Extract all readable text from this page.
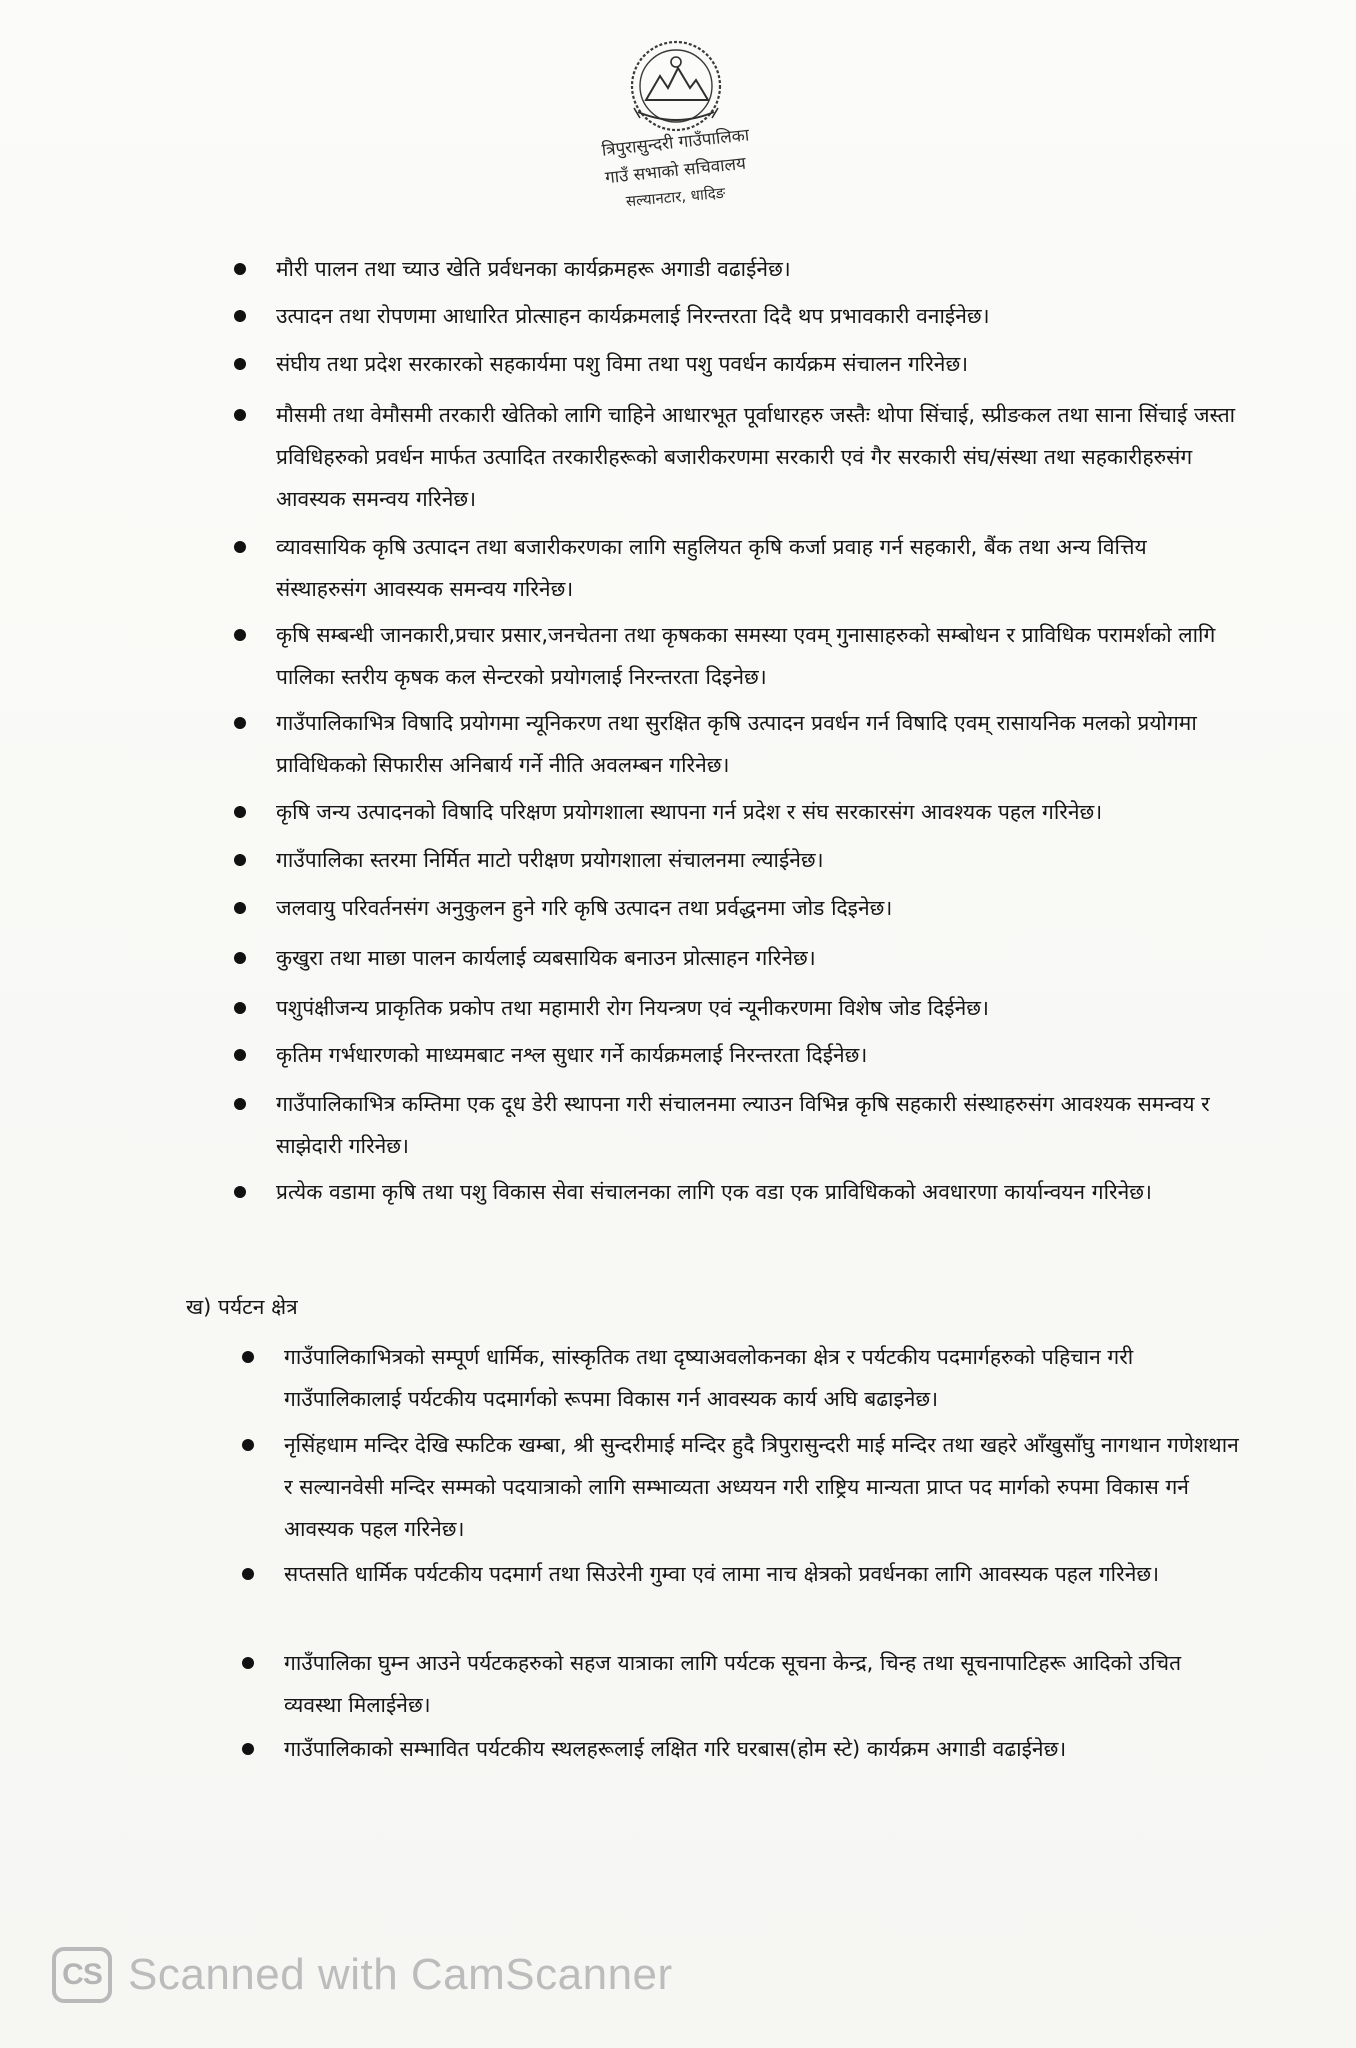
त्रिपुरासुन्दरी गाउँपालिका
गाउँ सभाको सचिवालय
सल्यानटार, धादिङ
मौरी पालन तथा च्याउ खेति प्रर्वधनका कार्यक्रमहरू अगाडी वढाईनेछ।
उत्पादन तथा रोपणमा आधारित प्रोत्साहन कार्यक्रमलाई निरन्तरता दिदै थप प्रभावकारी वनाईनेछ।
संघीय तथा प्रदेश सरकारको सहकार्यमा पशु विमा तथा पशु पवर्धन कार्यक्रम संचालन गरिनेछ।
मौसमी तथा वेमौसमी तरकारी खेतिको लागि चाहिने आधारभूत पूर्वाधारहरु जस्तैः थोपा सिंचाई, स्प्रीङकल तथा साना सिंचाई जस्ता प्रविधिहरुको प्रवर्धन मार्फत उत्पादित तरकारीहरूको बजारीकरणमा सरकारी एवं गैर सरकारी संघ/संस्था तथा सहकारीहरुसंग आवस्यक समन्वय गरिनेछ।
व्यावसायिक कृषि उत्पादन तथा बजारीकरणका लागि सहुलियत कृषि कर्जा प्रवाह गर्न सहकारी, बैंक तथा अन्य वित्तिय संस्थाहरुसंग आवस्यक समन्वय गरिनेछ।
कृषि सम्बन्धी जानकारी,प्रचार प्रसार,जनचेतना तथा कृषकका समस्या एवम् गुनासाहरुको सम्बोधन र प्राविधिक परामर्शको लागि पालिका स्तरीय कृषक कल सेन्टरको प्रयोगलाई निरन्तरता दिइनेछ।
गाउँपालिकाभित्र विषादि प्रयोगमा न्यूनिकरण तथा सुरक्षित कृषि उत्पादन प्रवर्धन गर्न विषादि एवम् रासायनिक मलको प्रयोगमा प्राविधिकको सिफारीस अनिबार्य गर्ने नीति अवलम्बन गरिनेछ।
कृषि जन्य उत्पादनको विषादि परिक्षण प्रयोगशाला स्थापना गर्न प्रदेश र संघ सरकारसंग आवश्यक पहल गरिनेछ।
गाउँपालिका स्तरमा निर्मित माटो परीक्षण प्रयोगशाला संचालनमा ल्याईनेछ।
जलवायु परिवर्तनसंग अनुकुलन हुने गरि कृषि उत्पादन तथा प्रर्वद्धनमा जोड दिइनेछ।
कुखुरा तथा माछा पालन कार्यलाई व्यबसायिक बनाउन प्रोत्साहन गरिनेछ।
पशुपंक्षीजन्य प्राकृतिक प्रकोप तथा महामारी रोग नियन्त्रण एवं न्यूनीकरणमा विशेष जोड दिईनेछ।
कृतिम गर्भधारणको माध्यमबाट नश्ल सुधार गर्ने कार्यक्रमलाई निरन्तरता दिईनेछ।
गाउँपालिकाभित्र कम्तिमा एक दूध डेरी स्थापना गरी संचालनमा ल्याउन विभिन्न कृषि सहकारी संस्थाहरुसंग आवश्यक समन्वय र साझेदारी गरिनेछ।
प्रत्येक वडामा कृषि तथा पशु विकास सेवा संचालनका लागि एक वडा एक प्राविधिकको अवधारणा कार्यान्वयन गरिनेछ।
ख) पर्यटन क्षेत्र
गाउँपालिकाभित्रको सम्पूर्ण धार्मिक, सांस्कृतिक तथा दृष्याअवलोकनका क्षेत्र र पर्यटकीय पदमार्गहरुको पहिचान गरी गाउँपालिकालाई पर्यटकीय पदमार्गको रूपमा विकास गर्न आवस्यक कार्य अघि बढाइनेछ।
नृसिंहधाम मन्दिर देखि स्फटिक खम्बा, श्री सुन्दरीमाई मन्दिर हुदै त्रिपुरासुन्दरी माई मन्दिर तथा खहरे आँखुसाँघु नागथान गणेशथान र सल्यानवेसी मन्दिर सम्मको पदयात्राको लागि सम्भाव्यता अध्ययन गरी राष्ट्रिय मान्यता प्राप्त पद मार्गको रुपमा विकास गर्न आवस्यक पहल गरिनेछ।
सप्तसति धार्मिक पर्यटकीय पदमार्ग तथा सिउरेनी गुम्वा एवं लामा नाच क्षेत्रको प्रवर्धनका लागि आवस्यक पहल गरिनेछ।
गाउँपालिका घुम्न आउने पर्यटकहरुको सहज यात्राका लागि पर्यटक सूचना केन्द्र, चिन्ह तथा सूचनापाटिहरू आदिको उचित व्यवस्था मिलाईनेछ।
गाउँपालिकाको सम्भावित पर्यटकीय स्थलहरूलाई लक्षित गरि घरबास(होम स्टे) कार्यक्रम अगाडी वढाईनेछ।
CS Scanned with CamScanner
